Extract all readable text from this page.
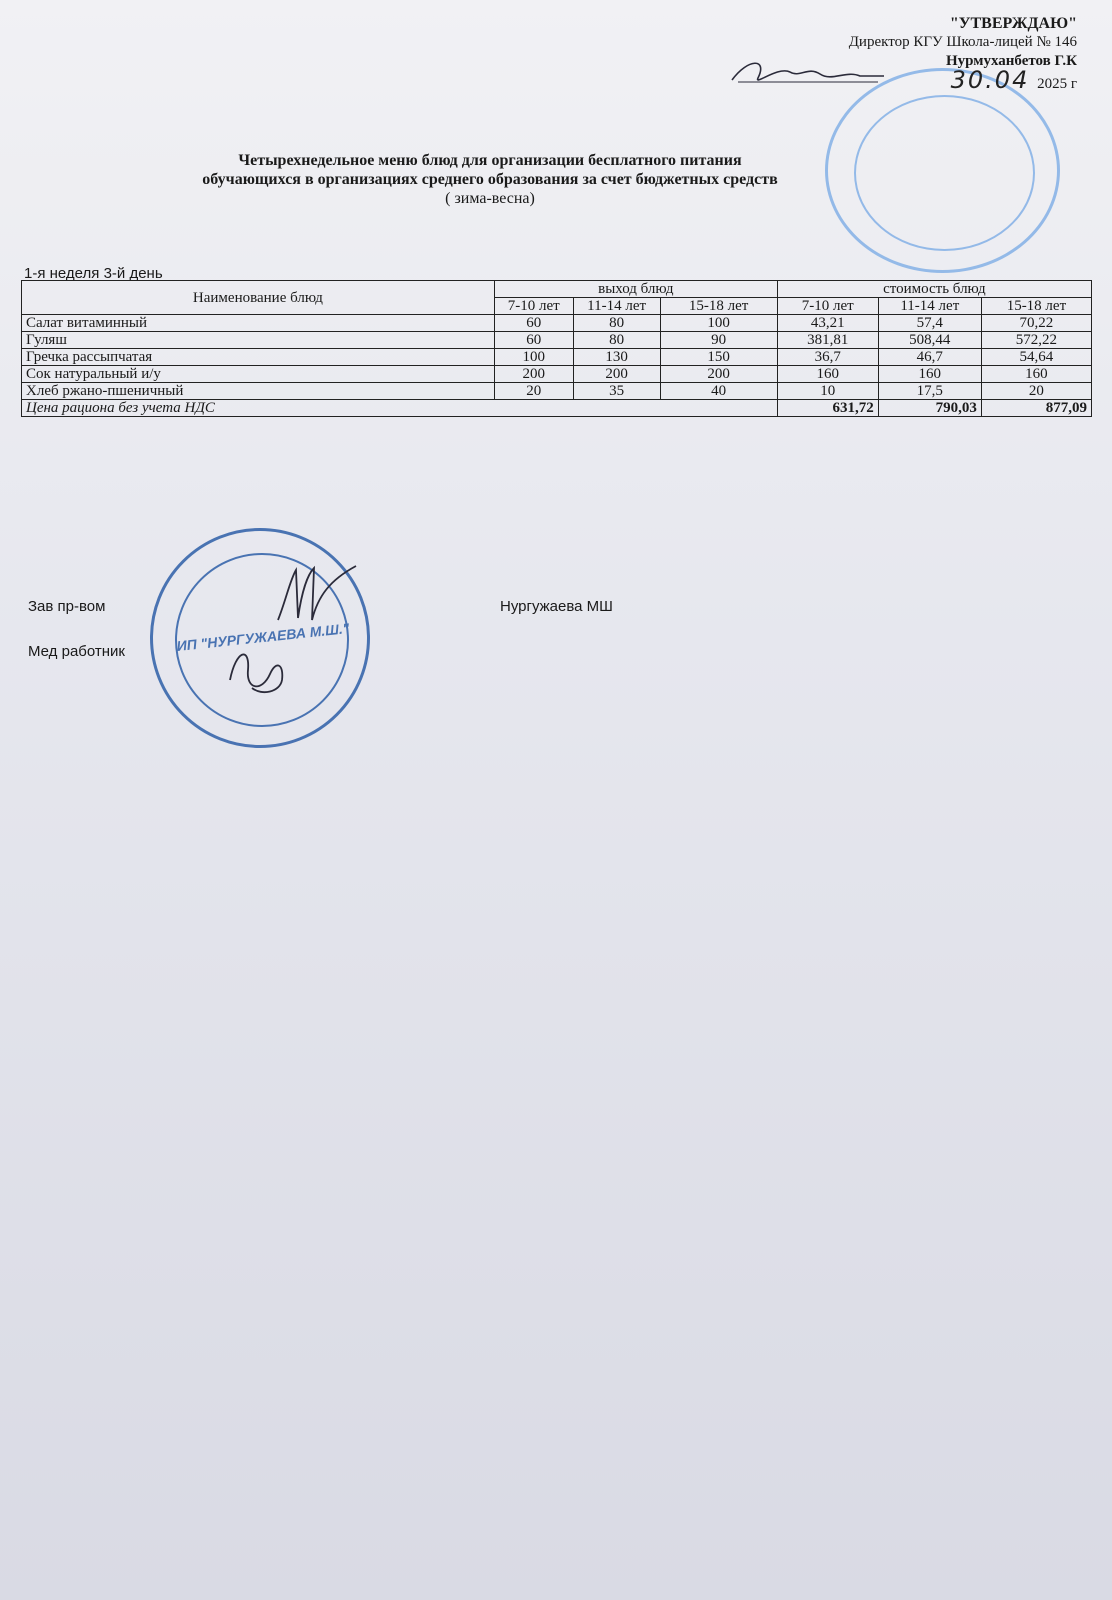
"УТВЕРЖДАЮ"
Директор КГУ Школа-лицей № 146
Нурмуханбетов Г.К
30.04 2025 г
Четырехнедельное меню блюд для организации бесплатного питания
обучающихся в организациях среднего образования за счет бюджетных средств
( зима-весна)
1-я неделя 3-й день
Наименование блюд	выход блюд			стоимость блюд		
	7-10 лет	11-14 лет	15-18 лет	7-10 лет	11-14 лет	15-18 лет
Салат витаминный	60	80	100	43,21	57,4	70,22
Гуляш	60	80	90	381,81	508,44	572,22
Гречка рассыпчатая	100	130	150	36,7	46,7	54,64
Сок натуральный и/у	200	200	200	160	160	160
Хлеб ржано-пшеничный	20	35	40	10	17,5	20
Цена рациона без учета НДС				631,72	790,03	877,09
ИП "НУРГУЖАЕВА М.Ш."
Зав пр-вом	Нургужаева МШ
Мед работник
